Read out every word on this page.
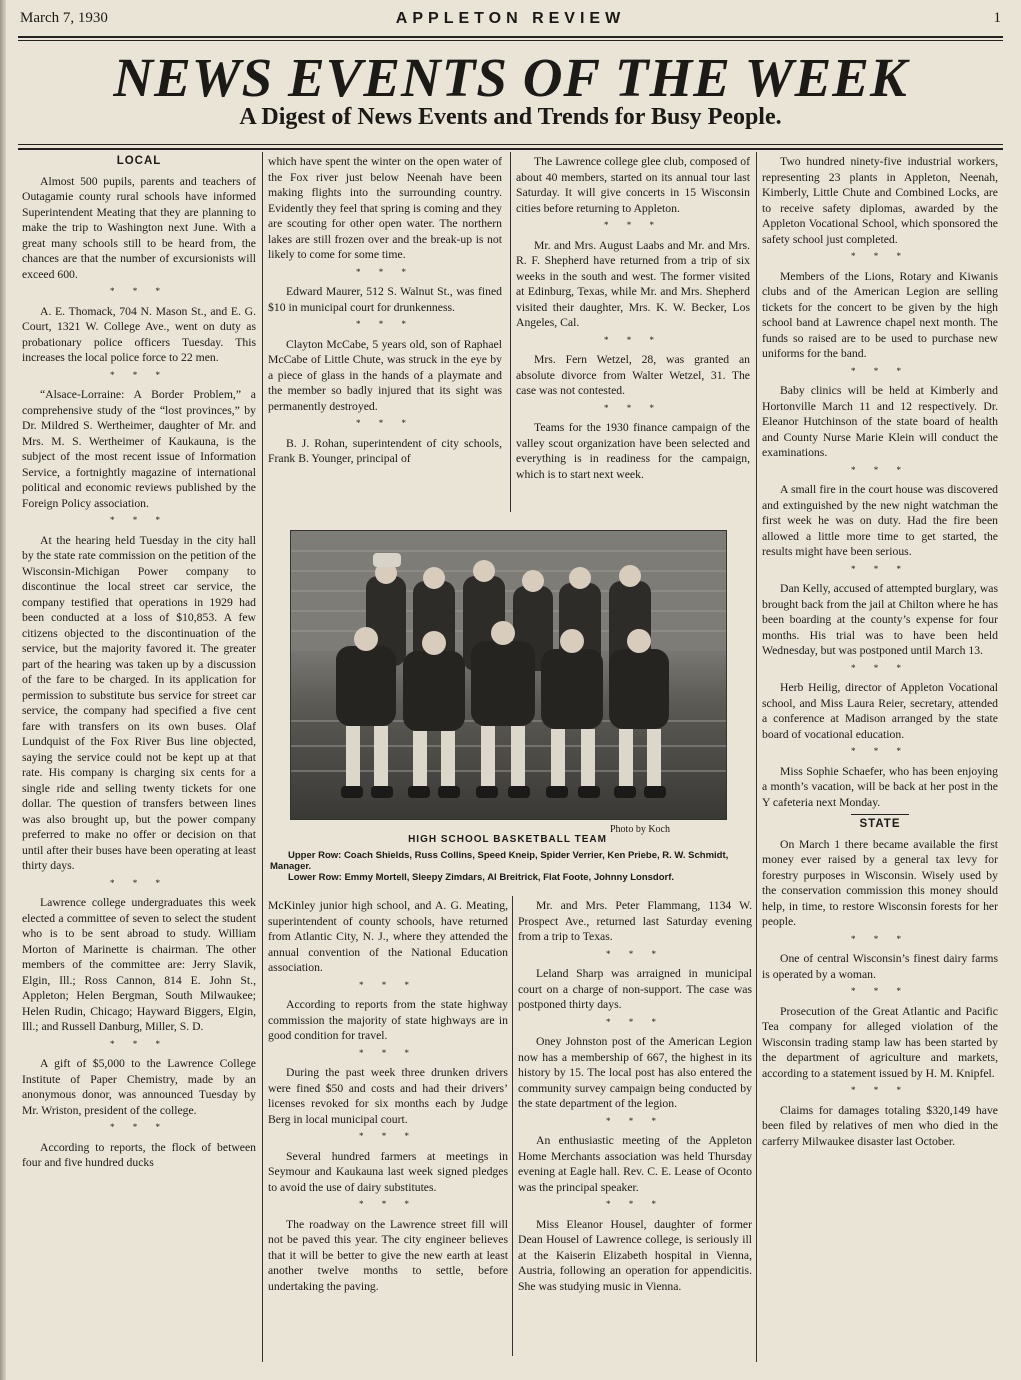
March 7, 1930	APPLETON REVIEW	1
NEWS EVENTS OF THE WEEK
A Digest of News Events and Trends for Busy People.
LOCAL

Almost 500 pupils, parents and teachers of Outagamie county rural schools have informed Superintendent Meating that they are planning to make the trip to Washington next June. With a great many schools still to be heard from, the chances are that the number of excursionists will exceed 600.

* * *

A. E. Thomack, 704 N. Mason St., and E. G. Court, 1321 W. College Ave., went on duty as probationary police officers Tuesday. This increases the local police force to 22 men.

* * *

“Alsace-Lorraine: A Border Problem,” a comprehensive study of the “lost provinces,” by Dr. Mildred S. Wertheimer, daughter of Mr. and Mrs. M. S. Wertheimer of Kaukauna, is the subject of the most recent issue of Information Service, a fortnightly magazine of international political and economic reviews published by the Foreign Policy association.

* * *

At the hearing held Tuesday in the city hall by the state rate commission on the petition of the Wisconsin-Michigan Power company to discontinue the local street car service, the company testified that operations in 1929 had been conducted at a loss of $10,853. A few citizens objected to the discontinuation of the service, but the majority favored it. The greater part of the hearing was taken up by a discussion of the fare to be charged. In its application for permission to substitute bus service for street car service, the company had specified a five cent fare with transfers on its own buses. Olaf Lundquist of the Fox River Bus line objected, saying the service could not be kept up at that rate. His company is charging six cents for a single ride and selling twenty tickets for one dollar. The question of transfers between lines was also brought up, but the power company preferred to make no offer or decision on that until after their buses have been operating at least thirty days.

* * *

Lawrence college undergraduates this week elected a committee of seven to select the student who is to be sent abroad to study. William Morton of Marinette is chairman. The other members of the committee are: Jerry Slavik, Elgin, Ill.; Ross Cannon, 814 E. John St., Appleton; Helen Bergman, South Milwaukee; Helen Rudin, Chicago; Hayward Biggers, Elgin, Ill.; and Russell Danburg, Miller, S. D.

* * *

A gift of $5,000 to the Lawrence College Institute of Paper Chemistry, made by an anonymous donor, was announced Tuesday by Mr. Wriston, president of the college.

* * *

According to reports, the flock of between four and five hundred ducks

which have spent the winter on the open water of the Fox river just below Neenah have been making flights into the surrounding country. Evidently they feel that spring is coming and they are scouting for other open water. The northern lakes are still frozen over and the break-up is not likely to come for some time.

* * *

Edward Maurer, 512 S. Walnut St., was fined $10 in municipal court for drunkenness.

* * *

Clayton McCabe, 5 years old, son of Raphael McCabe of Little Chute, was struck in the eye by a piece of glass in the hands of a playmate and the member so badly injured that its sight was permanently destroyed.

* * *

B. J. Rohan, superintendent of city schools, Frank B. Younger, principal of

The Lawrence college glee club, composed of about 40 members, started on its annual tour last Saturday. It will give concerts in 15 Wisconsin cities before returning to Appleton.

* * *

Mr. and Mrs. August Laabs and Mr. and Mrs. R. F. Shepherd have returned from a trip of six weeks in the south and west. The former visited at Edinburg, Texas, while Mr. and Mrs. Shepherd visited their daughter, Mrs. K. W. Becker, Los Angeles, Cal.

* * *

Mrs. Fern Wetzel, 28, was granted an absolute divorce from Walter Wetzel, 31. The case was not contested.

* * *

Teams for the 1930 finance campaign of the valley scout organization have been selected and everything is in readiness for the campaign, which is to start next week.

Photo by Koch
HIGH SCHOOL BASKETBALL TEAM

Upper Row: Coach Shields, Russ Collins, Speed Kneip, Spider Verrier, Ken Priebe, R. W. Schmidt, Manager.

Lower Row: Emmy Mortell, Sleepy Zimdars, Al Breitrick, Flat Foote, Johnny Lonsdorf.

McKinley junior high school, and A. G. Meating, superintendent of county schools, have returned from Atlantic City, N. J., where they attended the annual convention of the National Education association.

* * *

According to reports from the state highway commission the majority of state highways are in good condition for travel.

* * *

During the past week three drunken drivers were fined $50 and costs and had their drivers’ licenses revoked for six months each by Judge Berg in local municipal court.

* * *

Several hundred farmers at meetings in Seymour and Kaukauna last week signed pledges to avoid the use of dairy substitutes.

* * *

The roadway on the Lawrence street fill will not be paved this year. The city engineer believes that it will be better to give the new earth at least another twelve months to settle, before undertaking the paving.

Mr. and Mrs. Peter Flammang, 1134 W. Prospect Ave., returned last Saturday evening from a trip to Texas.

* * *

Leland Sharp was arraigned in municipal court on a charge of non-support. The case was postponed thirty days.

* * *

Oney Johnston post of the American Legion now has a membership of 667, the highest in its history by 15. The local post has also entered the community survey campaign being conducted by the state department of the legion.

* * *

An enthusiastic meeting of the Appleton Home Merchants association was held Thursday evening at Eagle hall. Rev. C. E. Lease of Oconto was the principal speaker.

* * *

Miss Eleanor Housel, daughter of former Dean Housel of Lawrence college, is seriously ill at the Kaiserin Elizabeth hospital in Vienna, Austria, following an operation for appendicitis. She was studying music in Vienna.

Two hundred ninety-five industrial workers, representing 23 plants in Appleton, Neenah, Kimberly, Little Chute and Combined Locks, are to receive safety diplomas, awarded by the Appleton Vocational School, which sponsored the safety school just completed.

* * *

Members of the Lions, Rotary and Kiwanis clubs and of the American Legion are selling tickets for the concert to be given by the high school band at Lawrence chapel next month. The funds so raised are to be used to purchase new uniforms for the band.

* * *

Baby clinics will be held at Kimberly and Hortonville March 11 and 12 respectively. Dr. Eleanor Hutchinson of the state board of health and County Nurse Marie Klein will conduct the examinations.

* * *

A small fire in the court house was discovered and extinguished by the new night watchman the first week he was on duty. Had the fire been allowed a little more time to get started, the results might have been serious.

* * *

Dan Kelly, accused of attempted burglary, was brought back from the jail at Chilton where he has been boarding at the county’s expense for four months. His trial was to have been held Wednesday, but was postponed until March 13.

* * *

Herb Heilig, director of Appleton Vocational school, and Miss Laura Reier, secretary, attended a conference at Madison arranged by the state board of vocational education.

* * *

Miss Sophie Schaefer, who has been enjoying a month’s vacation, will be back at her post in the Y cafeteria next Monday.

STATE

On March 1 there became available the first money ever raised by a general tax levy for forestry purposes in Wisconsin. Wisely used by the conservation commission this money should help, in time, to restore Wisconsin forests for her people.

* * *

One of central Wisconsin’s finest dairy farms is operated by a woman.

* * *

Prosecution of the Great Atlantic and Pacific Tea company for alleged violation of the Wisconsin trading stamp law has been started by the department of agriculture and markets, according to a statement issued by H. M. Knipfel.

* * *

Claims for damages totaling $320,149 have been filed by relatives of men who died in the carferry Milwaukee disaster last October.
